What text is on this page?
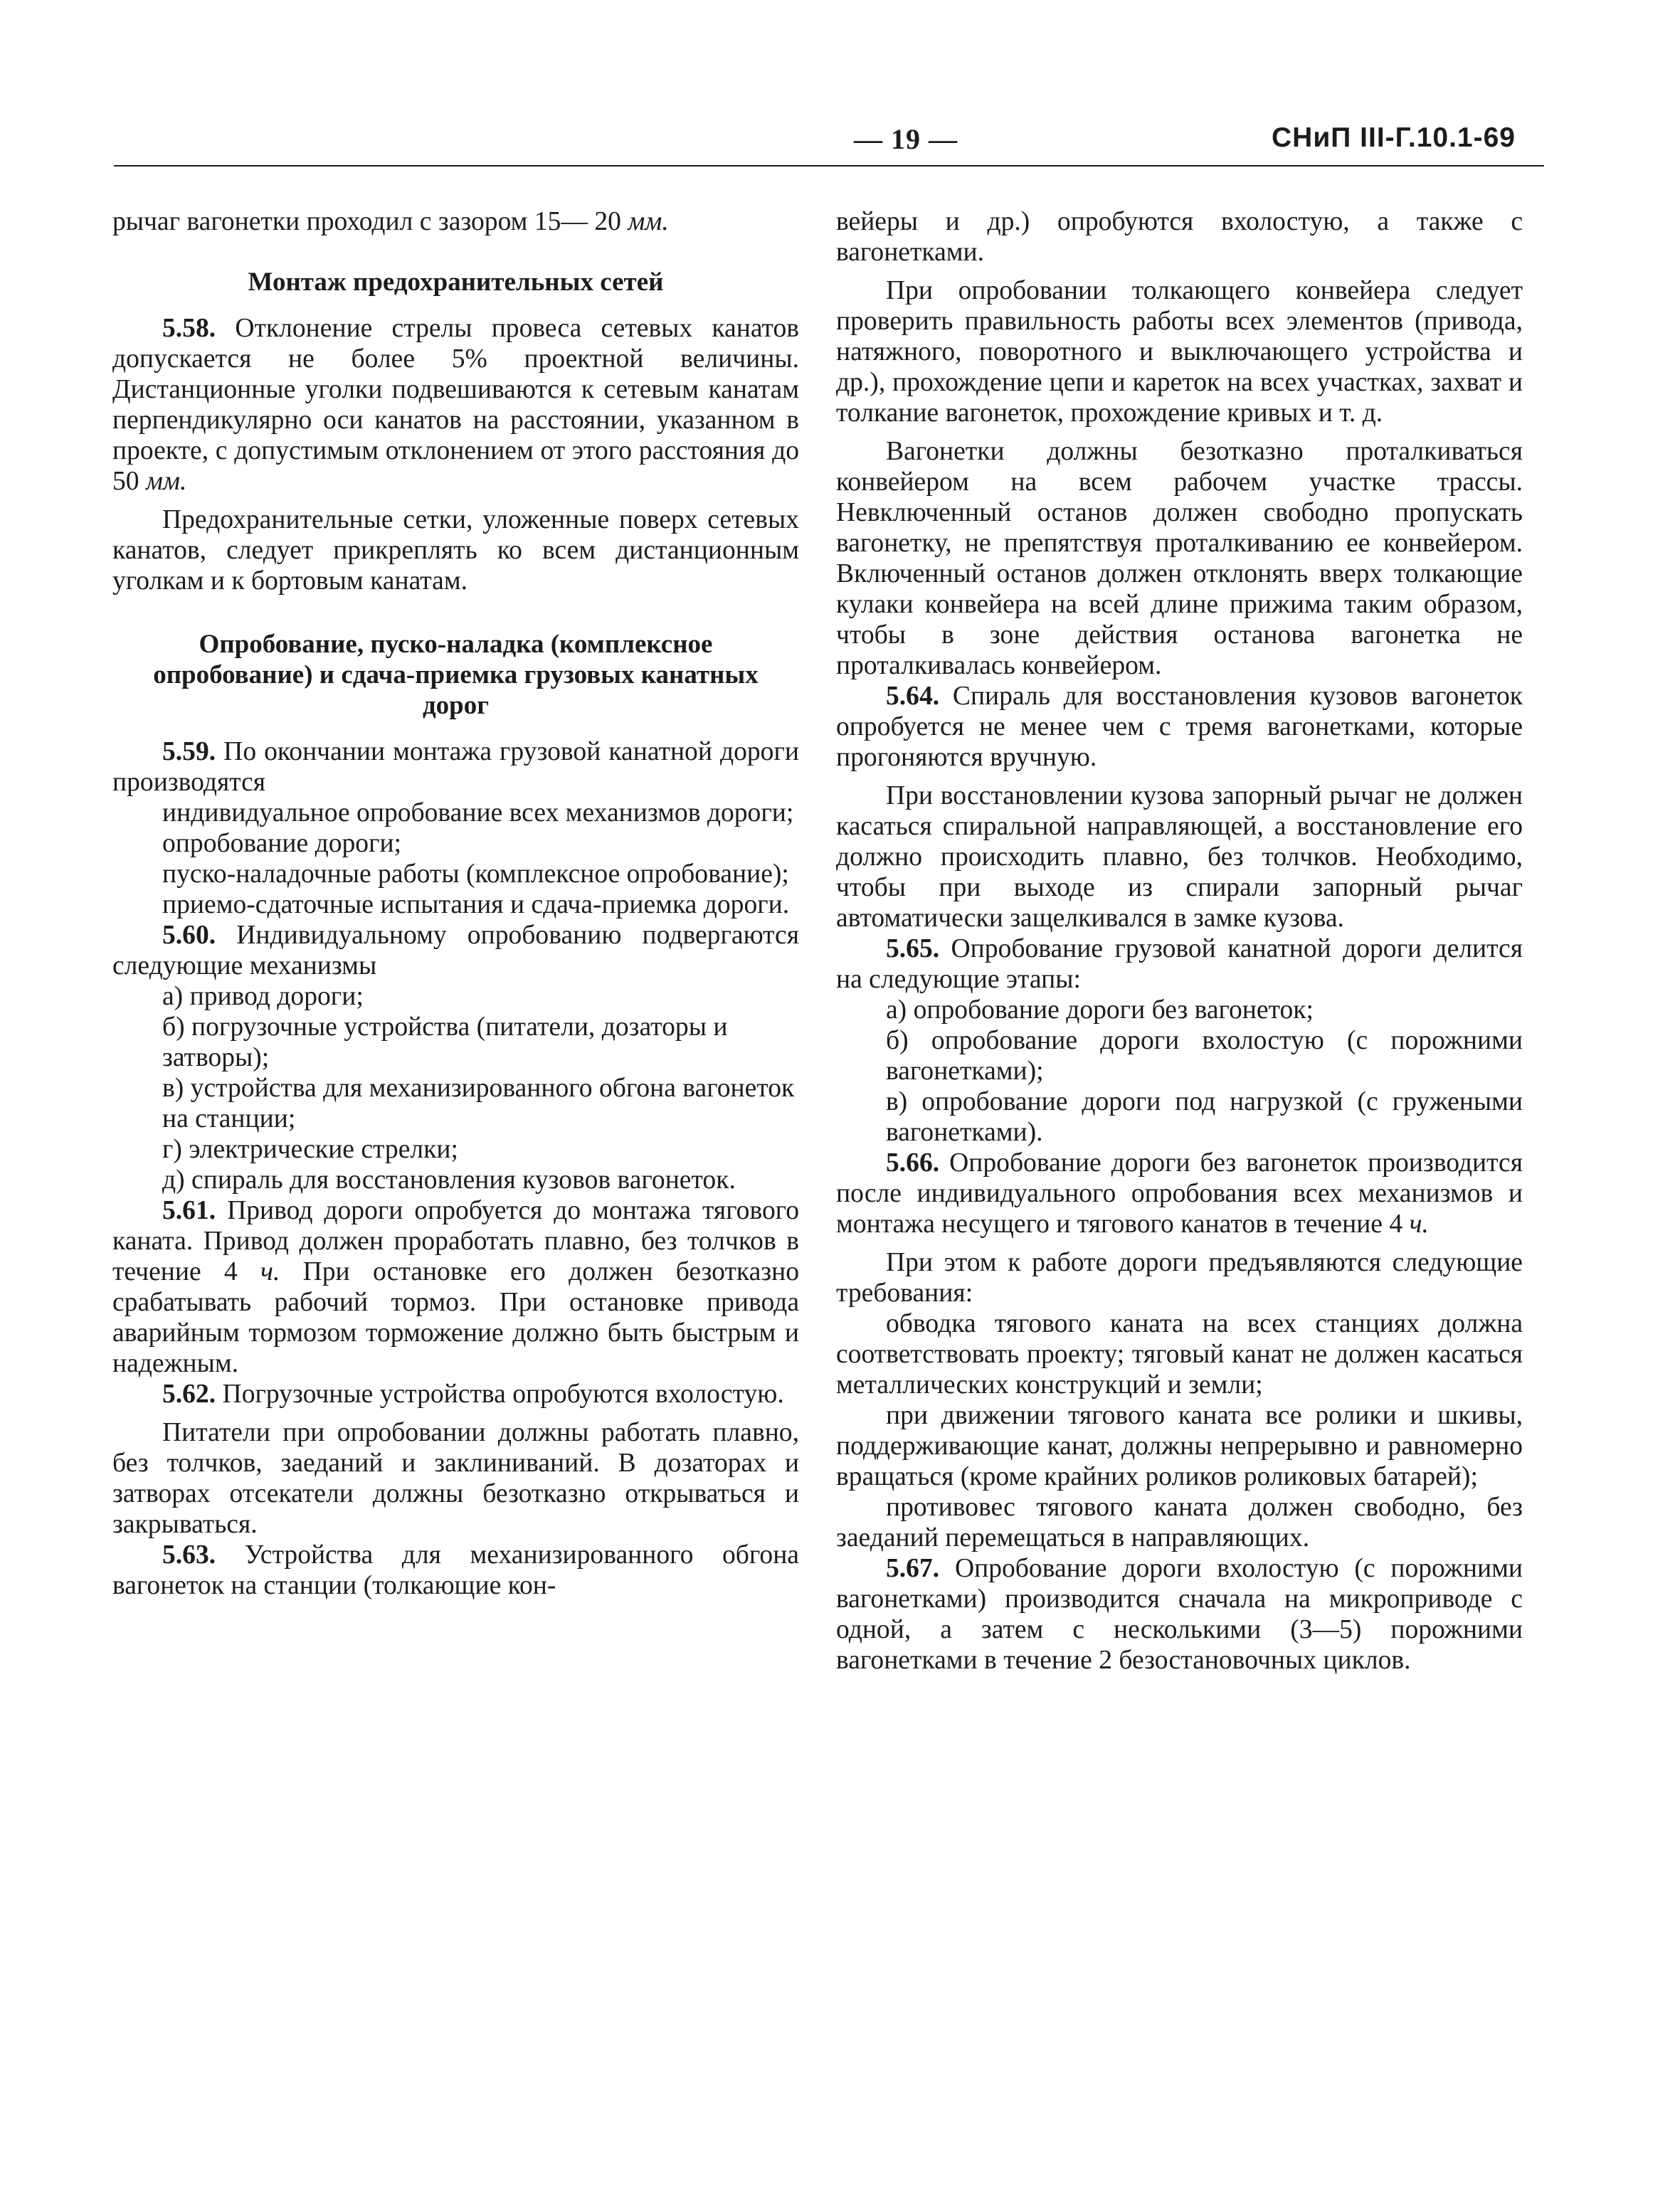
— 19 —	СНиП III-Г.10.1-69

рычаг вагонетки проходил с зазором 15— 20 мм.

Монтаж предохранительных сетей

5.58. Отклонение стрелы провеса сетевых канатов допускается не более 5% проектной величины. Дистанционные уголки подвешиваются к сетевым канатам перпендикулярно оси канатов на расстоянии, указанном в проекте, с допустимым отклонением от этого расстояния до 50 мм.

Предохранительные сетки, уложенные поверх сетевых канатов, следует прикреплять ко всем дистанционным уголкам и к бортовым канатам.

Опробование, пуско-наладка (комплексное опробование) и сдача-приемка грузовых канатных дорог

5.59. По окончании монтажа грузовой канатной дороги производятся

индивидуальное опробование всех механизмов дороги;

опробование дороги;

пуско-наладочные работы (комплексное опробование);

приемо-сдаточные испытания и сдача-приемка дороги.

5.60. Индивидуальному опробованию подвергаются следующие механизмы

а) привод дороги;

б) погрузочные устройства (питатели, дозаторы и затворы);

в) устройства для механизированного обгона вагонеток на станции;

г) электрические стрелки;

д) спираль для восстановления кузовов вагонеток.

5.61. Привод дороги опробуется до монтажа тягового каната. Привод должен проработать плавно, без толчков в течение 4 ч. При остановке его должен безотказно срабатывать рабочий тормоз. При остановке привода аварийным тормозом торможение должно быть быстрым и надежным.

5.62. Погрузочные устройства опробуются вхолостую.

Питатели при опробовании должны работать плавно, без толчков, заеданий и заклиниваний. В дозаторах и затворах отсекатели должны безотказно открываться и закрываться.

5.63. Устройства для механизированного обгона вагонеток на станции (толкающие кон-

вейеры и др.) опробуются вхолостую, а также с вагонетками.

При опробовании толкающего конвейера следует проверить правильность работы всех элементов (привода, натяжного, поворотного и выключающего устройства и др.), прохождение цепи и кареток на всех участках, захват и толкание вагонеток, прохождение кривых и т. д.

Вагонетки должны безотказно проталкиваться конвейером на всем рабочем участке трассы. Невключенный останов должен свободно пропускать вагонетку, не препятствуя проталкиванию ее конвейером. Включенный останов должен отклонять вверх толкающие кулаки конвейера на всей длине прижима таким образом, чтобы в зоне действия останова вагонетка не проталкивалась конвейером.

5.64. Спираль для восстановления кузовов вагонеток опробуется не менее чем с тремя вагонетками, которые прогоняются вручную.

При восстановлении кузова запорный рычаг не должен касаться спиральной направляющей, а восстановление его должно происходить плавно, без толчков. Необходимо, чтобы при выходе из спирали запорный рычаг автоматически защелкивался в замке кузова.

5.65. Опробование грузовой канатной дороги делится на следующие этапы:

а) опробование дороги без вагонеток;

б) опробование дороги вхолостую (с порожними вагонетками);

в) опробование дороги под нагрузкой (с гружеными вагонетками).

5.66. Опробование дороги без вагонеток производится после индивидуального опробования всех механизмов и монтажа несущего и тягового канатов в течение 4 ч.

При этом к работе дороги предъявляются следующие требования:

обводка тягового каната на всех станциях должна соответствовать проекту; тяговый канат не должен касаться металлических конструкций и земли;

при движении тягового каната все ролики и шкивы, поддерживающие канат, должны непрерывно и равномерно вращаться (кроме крайних роликов роликовых батарей);

противовес тягового каната должен свободно, без заеданий перемещаться в направляющих.

5.67. Опробование дороги вхолостую (с порожними вагонетками) производится сначала на микроприводе с одной, а затем с несколькими (3—5) порожними вагонетками в течение 2 безостановочных циклов.
